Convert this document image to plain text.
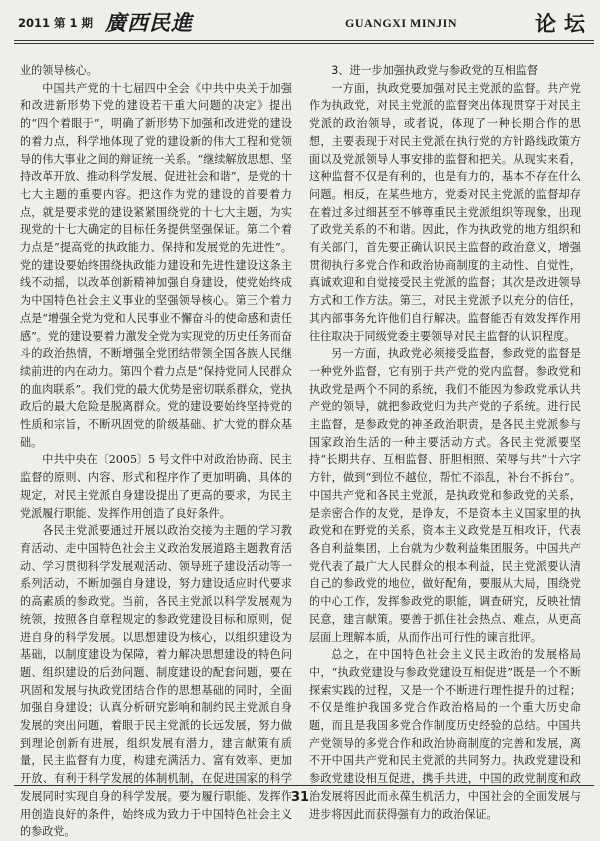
2011 第 1 期 廣西民進	GUANGXI MINJIN	论坛

业的领导核心。

中国共产党的十七届四中全会《中共中央关于加强和改进新形势下党的建设若干重大问题的决定》提出的“四个着眼于”，明确了新形势下加强和改进党的建设的着力点，科学地体现了党的建设新的伟大工程和党领导的伟大事业之间的辩证统一关系。“继续解放思想、坚持改革开放、推动科学发展、促进社会和谐”，是党的十七大主题的重要内容。把这作为党的建设的首要着力点，就是要求党的建设紧紧围绕党的十七大主题，为实现党的十七大确定的目标任务提供坚强保证。第二个着力点是“提高党的执政能力、保持和发展党的先进性”。党的建设要始终围绕执政能力建设和先进性建设这条主线不动摇，以改革创新精神加强自身建设，使党始终成为中国特色社会主义事业的坚强领导核心。第三个着力点是“增强全党为党和人民事业不懈奋斗的使命感和责任感”。党的建设要着力激发全党为实现党的历史任务而奋斗的政治热情，不断增强全党团结带领全国各族人民继续前进的内在动力。第四个着力点是“保持党同人民群众的血肉联系”。我们党的最大优势是密切联系群众，党执政后的最大危险是脱离群众。党的建设要始终坚持党的性质和宗旨，不断巩固党的阶级基础、扩大党的群众基础。

中共中央在〔2005〕5 号文件中对政治协商、民主监督的原则、内容、形式和程序作了更加明确、具体的规定，对民主党派自身建设提出了更高的要求，为民主党派履行职能、发挥作用创造了良好条件。

各民主党派要通过开展以政治交接为主题的学习教育活动、走中国特色社会主义政治发展道路主题教育活动、学习贯彻科学发展观活动、领导班子建设活动等一系列活动，不断加强自身建设，努力建设适应时代要求的高素质的参政党。当前，各民主党派以科学发展观为统领，按照各自章程规定的参政党建设目标和原则，促进自身的科学发展。以思想建设为核心，以组织建设为基础，以制度建设为保障，着力解决思想建设的特色问题、组织建设的后劲问题、制度建设的配套问题，要在巩固和发展与执政党团结合作的思想基础的同时，全面加强自身建设；认真分析研究影响和制约民主党派自身发展的突出问题，着眼于民主党派的长远发展，努力做到理论创新有进展，组织发展有潜力，建言献策有质量，民主监督有力度，构建充满活力、富有效率、更加开放、有利于科学发展的体制机制，在促进国家的科学发展同时实现自身的科学发展。要为履行职能、发挥作用创造良好的条件，始终成为致力于中国特色社会主义的参政党。

3、进一步加强执政党与参政党的互相监督

一方面，执政党要加强对民主党派的监督。共产党作为执政党，对民主党派的监督突出体现贯穿于对民主党派的政治领导，或者说，体现了一种长期合作的思想，主要表现于对民主党派在执行党的方针路线政策方面以及党派领导人事安排的监督和把关。从现实来看，这种监督不仅是有利的，也是有力的，基本不存在什么问题。相反，在某些地方，党委对民主党派的监督却存在着过多过细甚至不够尊重民主党派组织等现象，出现了政党关系的不和谐。因此，作为执政党的地方组织和有关部门，首先要正确认识民主监督的政治意义，增强贯彻执行多党合作和政治协商制度的主动性、自觉性，真诚欢迎和自觉接受民主党派的监督；其次是改进领导方式和工作方法。第三，对民主党派予以充分的信任，其内部事务允许他们自行解决。监督能否有效发挥作用往往取决于同级党委主要领导对民主监督的认识程度。

另一方面，执政党必须接受监督，参政党的监督是一种党外监督，它有别于共产党的党内监督。参政党和执政党是两个不同的系统，我们不能因为参政党承认共产党的领导，就把参政党归为共产党的子系统。进行民主监督，是参政党的神圣政治职责，是各民主党派参与国家政治生活的一种主要活动方式。各民主党派要坚持“长期共存、互相监督、肝胆相照、荣辱与共”十六字方针，做到“到位不越位，帮忙不添乱，补台不拆台”。中国共产党和各民主党派，是执政党和参政党的关系，是亲密合作的友党，是诤友，不是资本主义国家里的执政党和在野党的关系，资本主义政党是互相攻讦，代表各自利益集团，上台就为少数利益集团服务。中国共产党代表了最广大人民群众的根本利益，民主党派要认清自己的参政党的地位，做好配角，要服从大局，围绕党的中心工作，发挥参政党的职能，调查研究，反映社情民意，建言献策。要善于抓住社会热点、难点，从更高层面上理解本质，从而作出可行性的谏言批评。

总之，在中国特色社会主义民主政治的发展格局中，“执政党建设与参政党建设互相促进”既是一个不断探索实践的过程，又是一个不断进行理性提升的过程；不仅是维护我国多党合作政治格局的一个重大历史命题，而且是我国多党合作制度历史经验的总结。中国共产党领导的多党合作和政治协商制度的完善和发展，离不开中国共产党和民主党派的共同努力。执政党建设和参政党建设相互促进，携手共进，中国的政党制度和政治发展将因此而永葆生机活力，中国社会的全面发展与进步将因此而获得强有力的政治保证。

31
